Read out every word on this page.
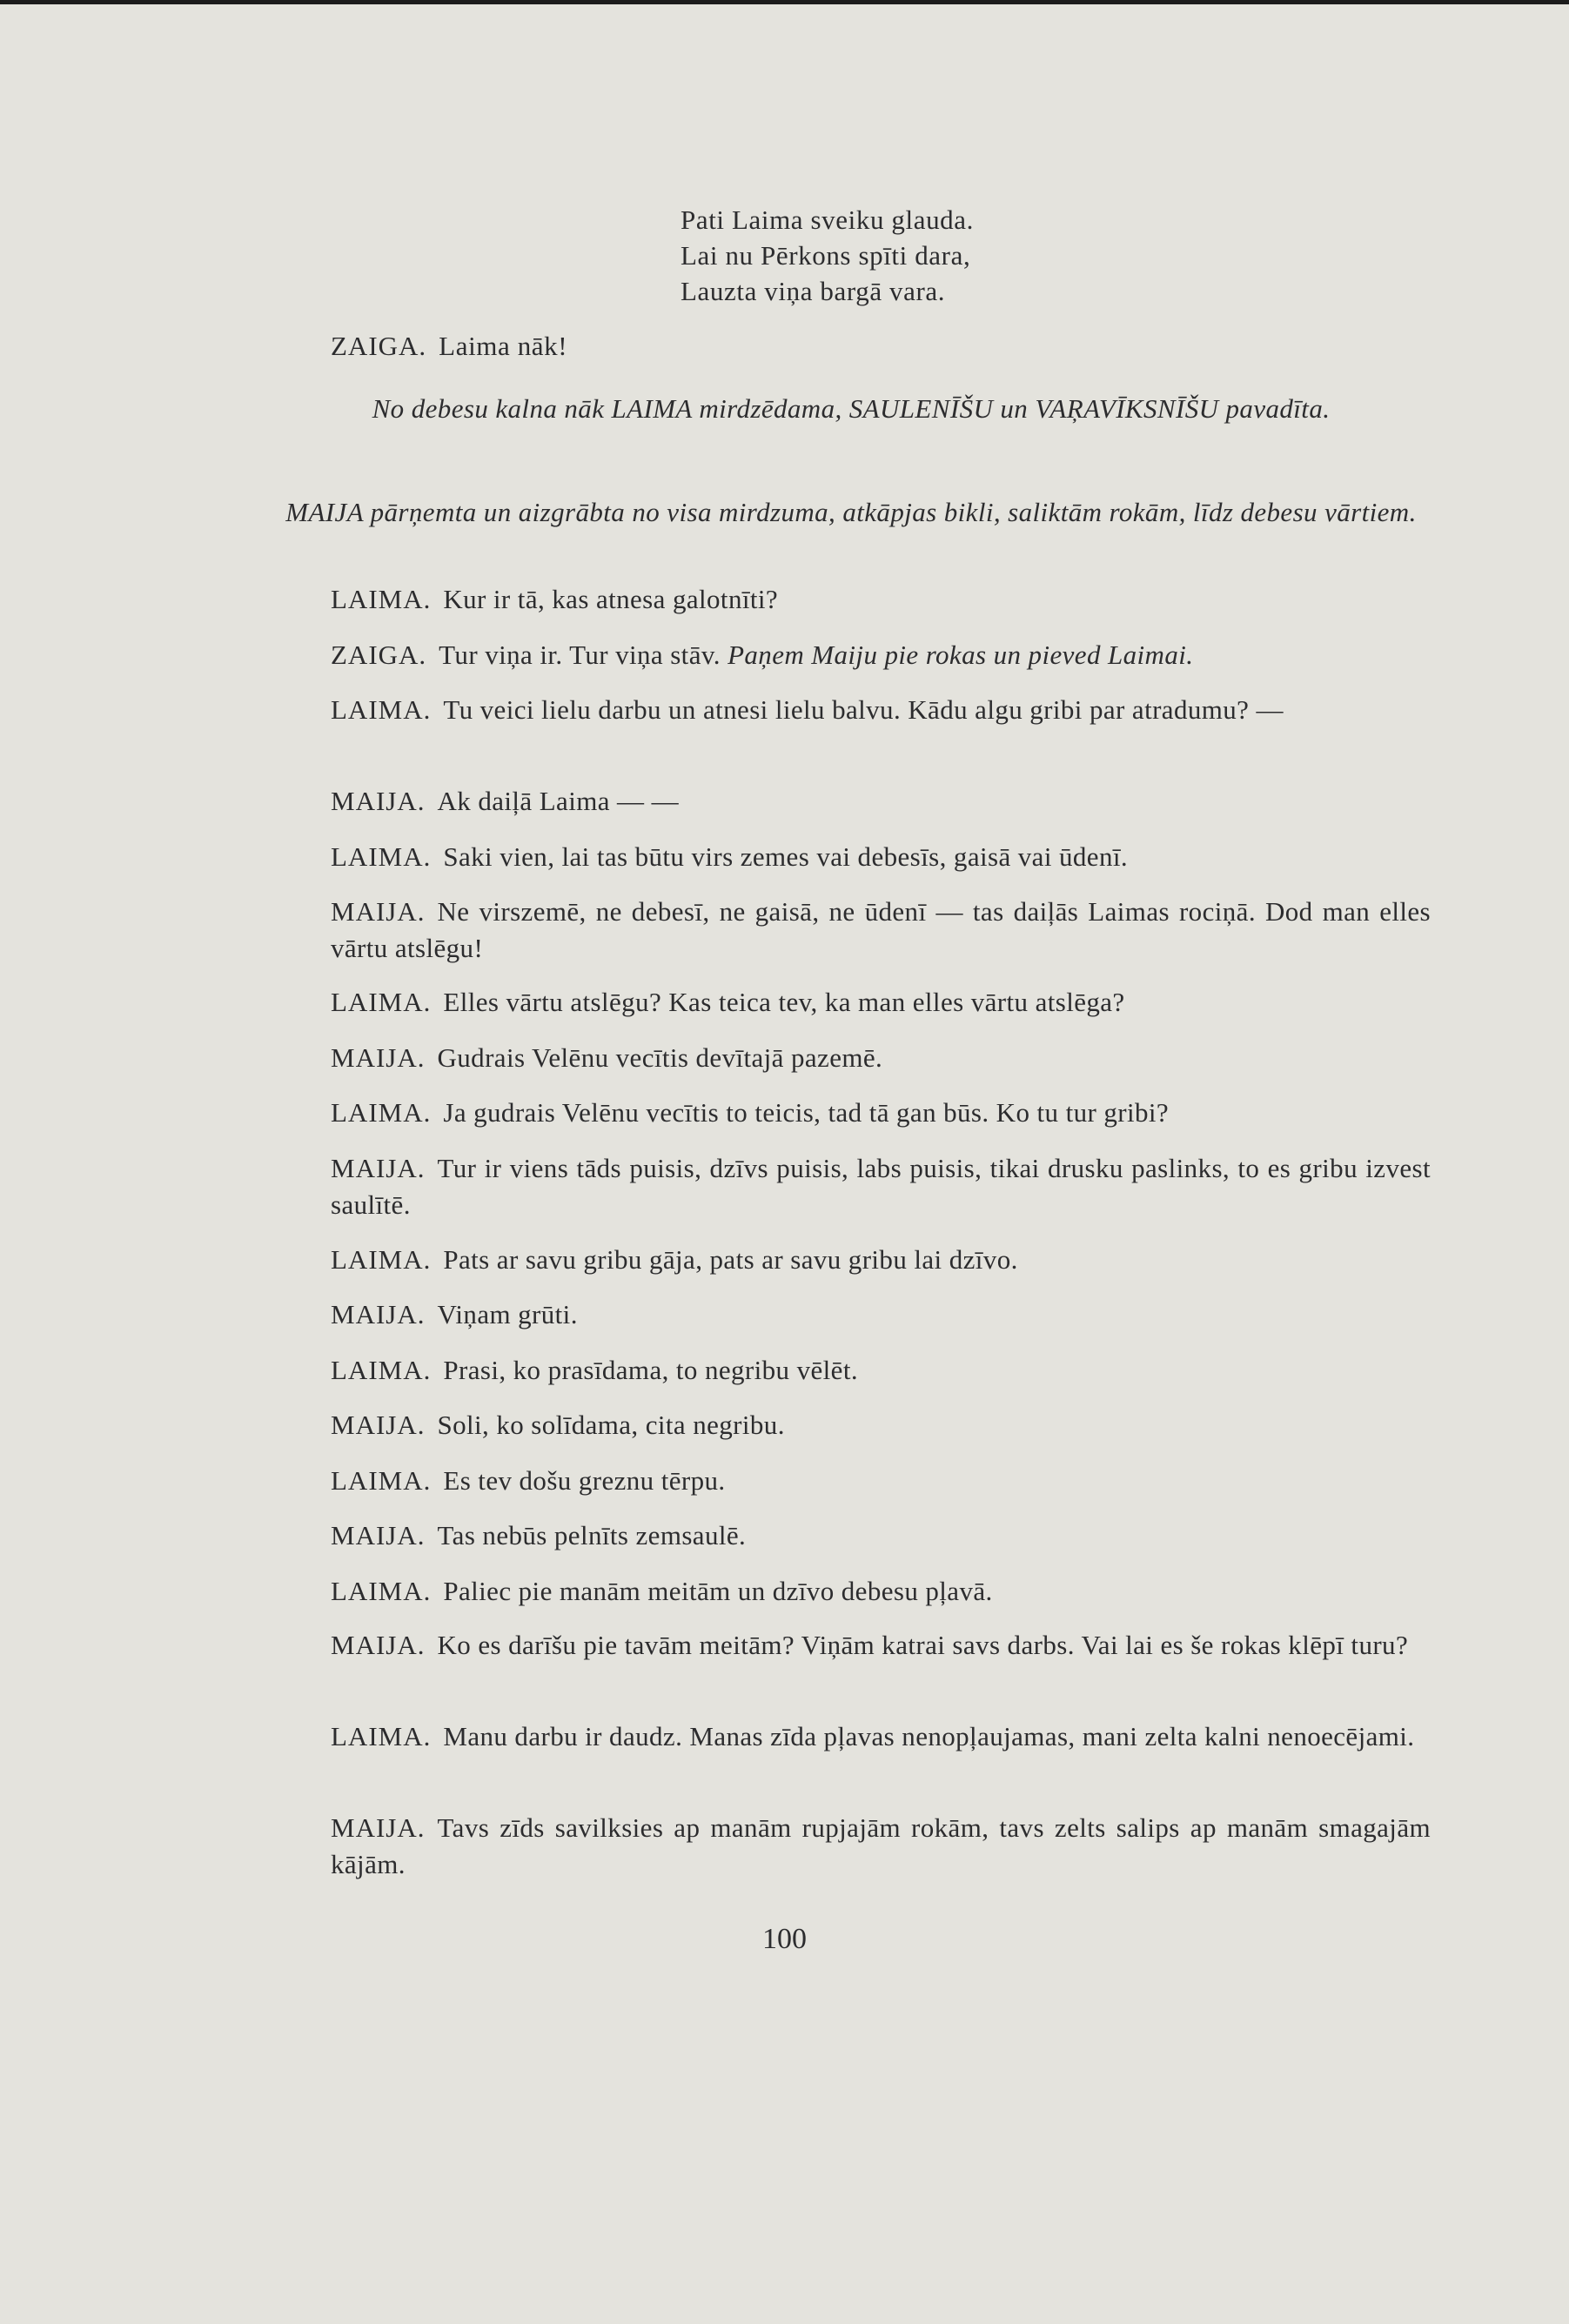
Pati Laima sveiku glauda.
Lai nu Pērkons spīti dara,
Lauzta viņa bargā vara.
ZAIGA. Laima nāk!
No debesu kalna nāk LAIMA mirdzēdama, SAULENĪŠU un VAŖAVĪKSNĪŠU pavadīta.
MAIJA pārņemta un aizgrābta no visa mirdzuma, atkāpjas bikli, saliktām rokām, līdz debesu vārtiem.
LAIMA. Kur ir tā, kas atnesa galotnīti?
ZAIGA. Tur viņa ir. Tur viņa stāv. Paņem Maiju pie rokas un pieved Laimai.
LAIMA. Tu veici lielu darbu un atnesi lielu balvu. Kādu algu gribi par atradumu? —
MAIJA. Ak daiļā Laima — —
LAIMA. Saki vien, lai tas būtu virs zemes vai debesīs, gaisā vai ūdenī.
MAIJA. Ne virszemē, ne debesī, ne gaisā, ne ūdenī — tas daiļās Laimas rociņā. Dod man elles vārtu atslēgu!
LAIMA. Elles vārtu atslēgu? Kas teica tev, ka man elles vārtu atslēga?
MAIJA. Gudrais Velēnu vecītis devītajā pazemē.
LAIMA. Ja gudrais Velēnu vecītis to teicis, tad tā gan būs. Ko tu tur gribi?
MAIJA. Tur ir viens tāds puisis, dzīvs puisis, labs puisis, tikai drusku paslinks, to es gribu izvest saulītē.
LAIMA. Pats ar savu gribu gāja, pats ar savu gribu lai dzīvo.
MAIJA. Viņam grūti.
LAIMA. Prasi, ko prasīdama, to negribu vēlēt.
MAIJA. Soli, ko solīdama, cita negribu.
LAIMA. Es tev došu greznu tērpu.
MAIJA. Tas nebūs pelnīts zemsaulē.
LAIMA. Paliec pie manām meitām un dzīvo debesu pļavā.
MAIJA. Ko es darīšu pie tavām meitām? Viņām katrai savs darbs. Vai lai es še rokas klēpī turu?
LAIMA. Manu darbu ir daudz. Manas zīda pļavas nenopļaujamas, mani zelta kalni nenoecējami.
MAIJA. Tavs zīds savilksies ap manām rupjajām rokām, tavs zelts salips ap manām smagajām kājām.
100
